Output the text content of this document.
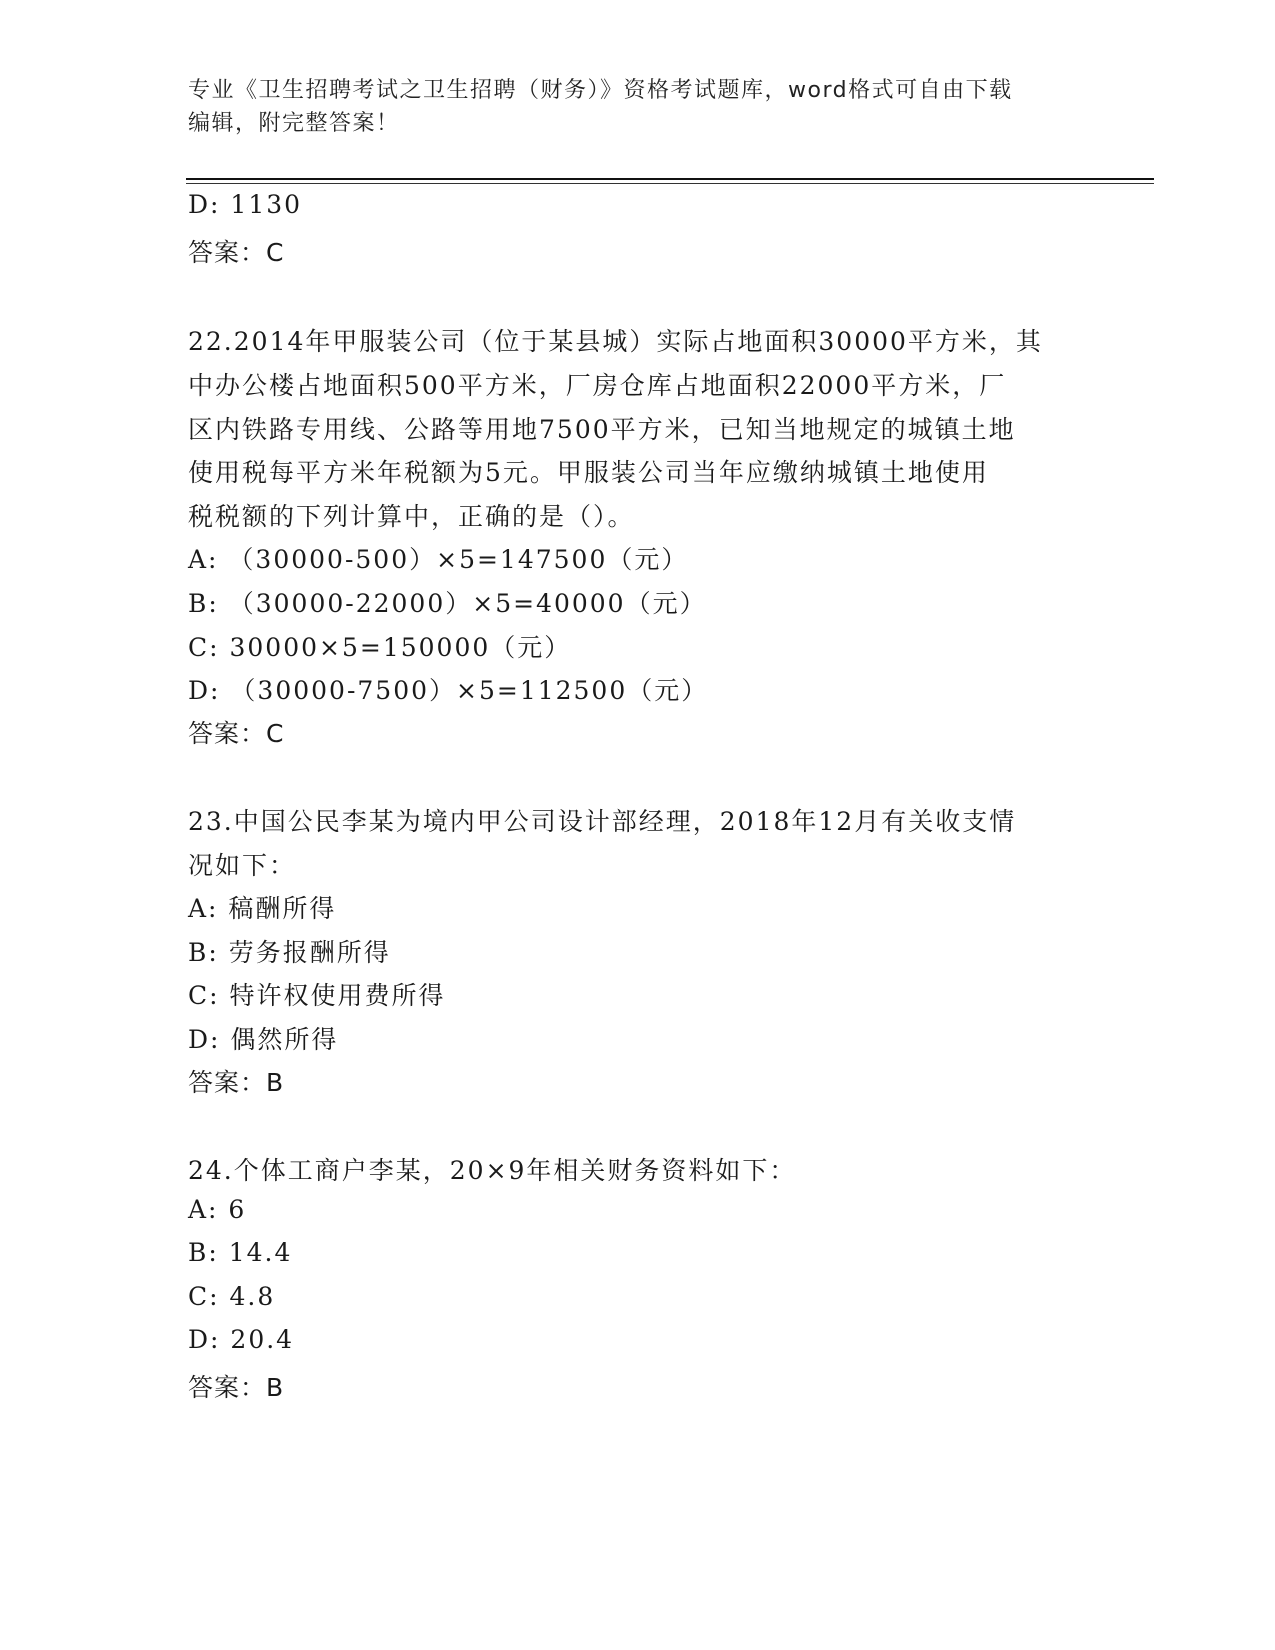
专业《卫生招聘考试之卫生招聘（财务）》资格考试题库，word格式可自由下载
编辑，附完整答案！
D: 1130
答案：C
22.2014年甲服装公司（位于某县城）实际占地面积30000平方米，其
中办公楼占地面积500平方米，厂房仓库占地面积22000平方米，厂
区内铁路专用线、公路等用地7500平方米，已知当地规定的城镇土地
使用税每平方米年税额为5元。甲服装公司当年应缴纳城镇土地使用
税税额的下列计算中，正确的是（）。
A: （30000-500）×5=147500（元）
B: （30000-22000）×5=40000（元）
C: 30000×5=150000（元）
D: （30000-7500）×5=112500（元）
答案：C
23.中国公民李某为境内甲公司设计部经理，2018年12月有关收支情
况如下：
A: 稿酬所得
B: 劳务报酬所得
C: 特许权使用费所得
D: 偶然所得
答案：B
24.个体工商户李某，20×9年相关财务资料如下：
A: 6
B: 14.4
C: 4.8
D: 20.4
答案：B
